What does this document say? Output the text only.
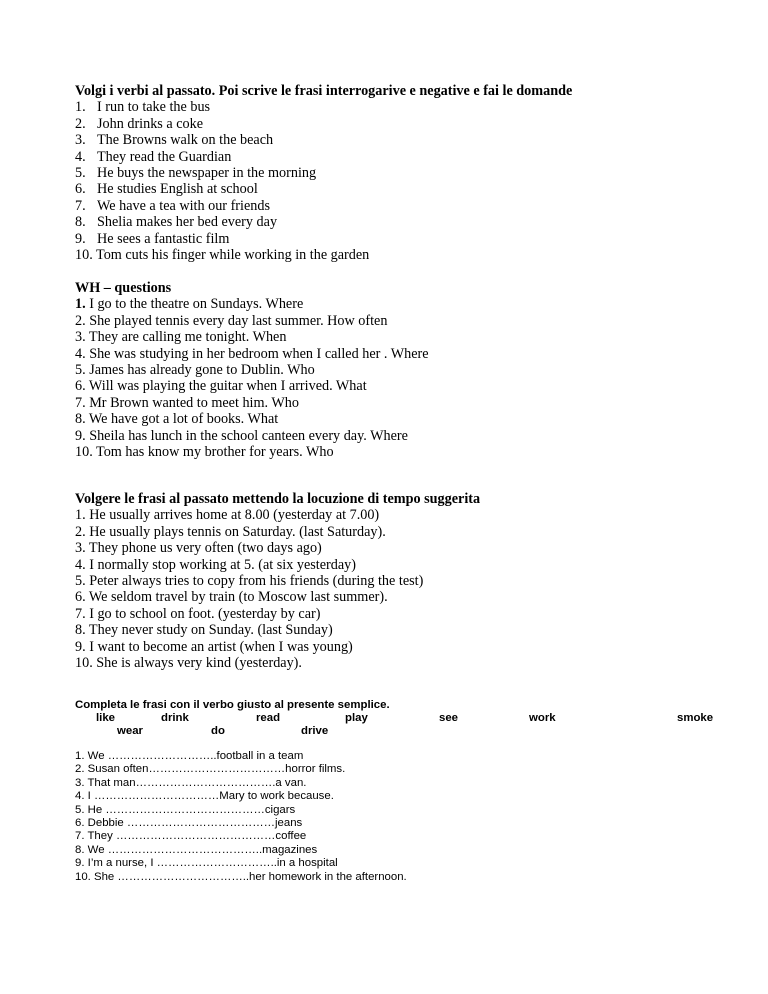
Volgi i verbi al passato. Poi scrive le frasi interrogarive e negative e fai le domande

1. I run to take the bus
2. John drinks a coke
3. The Browns walk on the beach
4. They read the Guardian
5. He buys the newspaper in the morning
6. He studies English at school
7. We have a tea with our friends
8. Shelia makes her bed every day
9. He sees a fantastic film
10. Tom cuts his finger while working in the garden

WH – questions

1. I go to the theatre on Sundays. Where
2. She played tennis every day last summer. How often
3. They are calling me tonight. When
4. She was studying in her bedroom when I called her . Where
5. James has already gone to Dublin. Who
6. Will was playing the guitar when I arrived. What
7. Mr Brown wanted to meet him. Who
8. We have got a lot of books. What
9. Sheila has lunch in the school canteen every day. Where
10. Tom has know my brother for years. Who

Volgere le frasi al passato mettendo la locuzione di tempo suggerita

1. He usually arrives home at 8.00 (yesterday at 7.00)
2. He usually plays tennis on Saturday. (last Saturday).
3. They phone us very often (two days ago)
4. I normally stop working at 5. (at six yesterday)
5. Peter always tries to copy from his friends (during the test)
6. We seldom travel by train (to Moscow last summer).
7. I go to school on foot. (yesterday by car)
8. They never study on Sunday. (last Sunday)
9. I want to become an artist (when I was young)
10. She is always very kind (yesterday).

Completa le frasi con il verbo giusto al presente semplice.

like	drink	read	play	see	work	smoke
wear	do	drive
1. We ………………………..football in a team
2. Susan often………………………………horror films.
3. That man……………………………….a van.
4. I ……………………………Mary to work because.
5. He ……………………………………cigars
6. Debbie …………………………………jeans
7. They ……………………………………coffee
8. We …………………………………..magazines
9. I’m a nurse, I …………………………..in a hospital
10. She ……………………………..her homework in the afternoon.
